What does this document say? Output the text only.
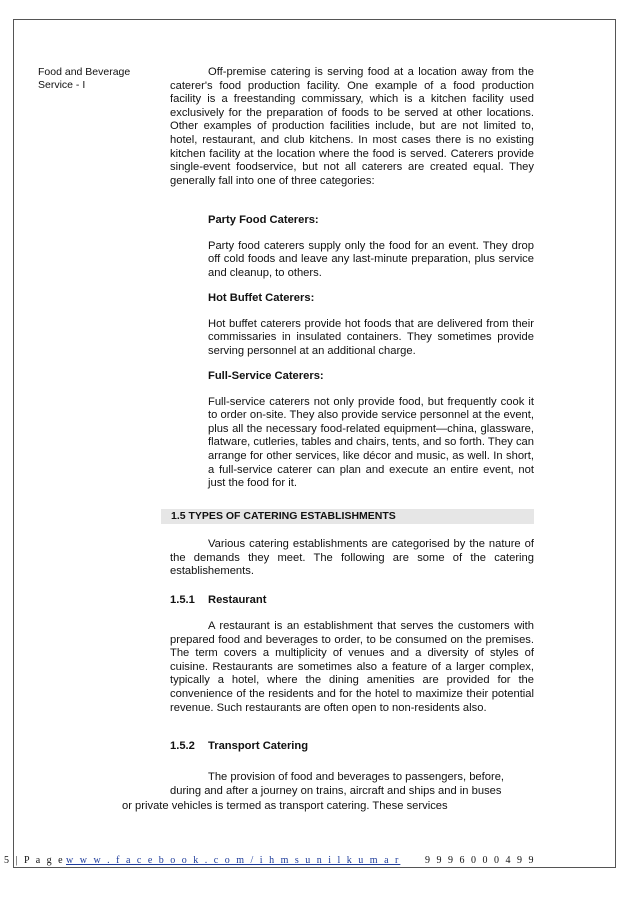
Food and Beverage
Service - I

Off-premise catering is serving food at a location away from the caterer's food production facility. One example of a food production facility is a freestanding commissary, which is a kitchen facility used exclusively for the preparation of foods to be served at other locations. Other examples of production facilities include, but are not limited to, hotel, restaurant, and club kitchens. In most cases there is no existing kitchen facility at the location where the food is served. Caterers provide single-event foodservice, but not all caterers are created equal. They generally fall into one of three categories:

Party Food Caterers:

Party food caterers supply only the food for an event. They drop off cold foods and leave any last-minute preparation, plus service and cleanup, to others.

Hot Buffet Caterers:

Hot buffet caterers provide hot foods that are delivered from their commissaries in insulated containers. They sometimes provide serving personnel at an additional charge.

Full-Service Caterers:

Full-service caterers not only provide food, but frequently cook it to order on-site. They also provide service personnel at the event, plus all the necessary food-related equipment—china, glassware, flatware, cutleries, tables and chairs, tents, and so forth. They can arrange for other services, like décor and music, as well. In short, a full-service caterer can plan and execute an entire event, not just the food for it.

1.5 TYPES OF CATERING ESTABLISHMENTS

Various catering establishments are categorised by the nature of the demands they meet. The following are some of the catering establishements.

1.5.1 Restaurant

A restaurant is an establishment that serves the customers with prepared food and beverages to order, to be consumed on the premises. The term covers a multiplicity of venues and a diversity of styles of cuisine. Restaurants are sometimes also a feature of a larger complex, typically a hotel, where the dining amenities are provided for the convenience of the residents and for the hotel to maximize their potential revenue. Such restaurants are often open to non-residents also.

1.5.2 Transport Catering
The provision of food and beverages to passengers, before,
during and after a journey on trains, aircraft and ships and in buses
or private vehicles is termed as transport catering. These services
5 | P a g e w w w . f a c e b o o k . c o m / i h m s u n i l k u m a r 9 9 9 6 0 0 0 4 9 9
